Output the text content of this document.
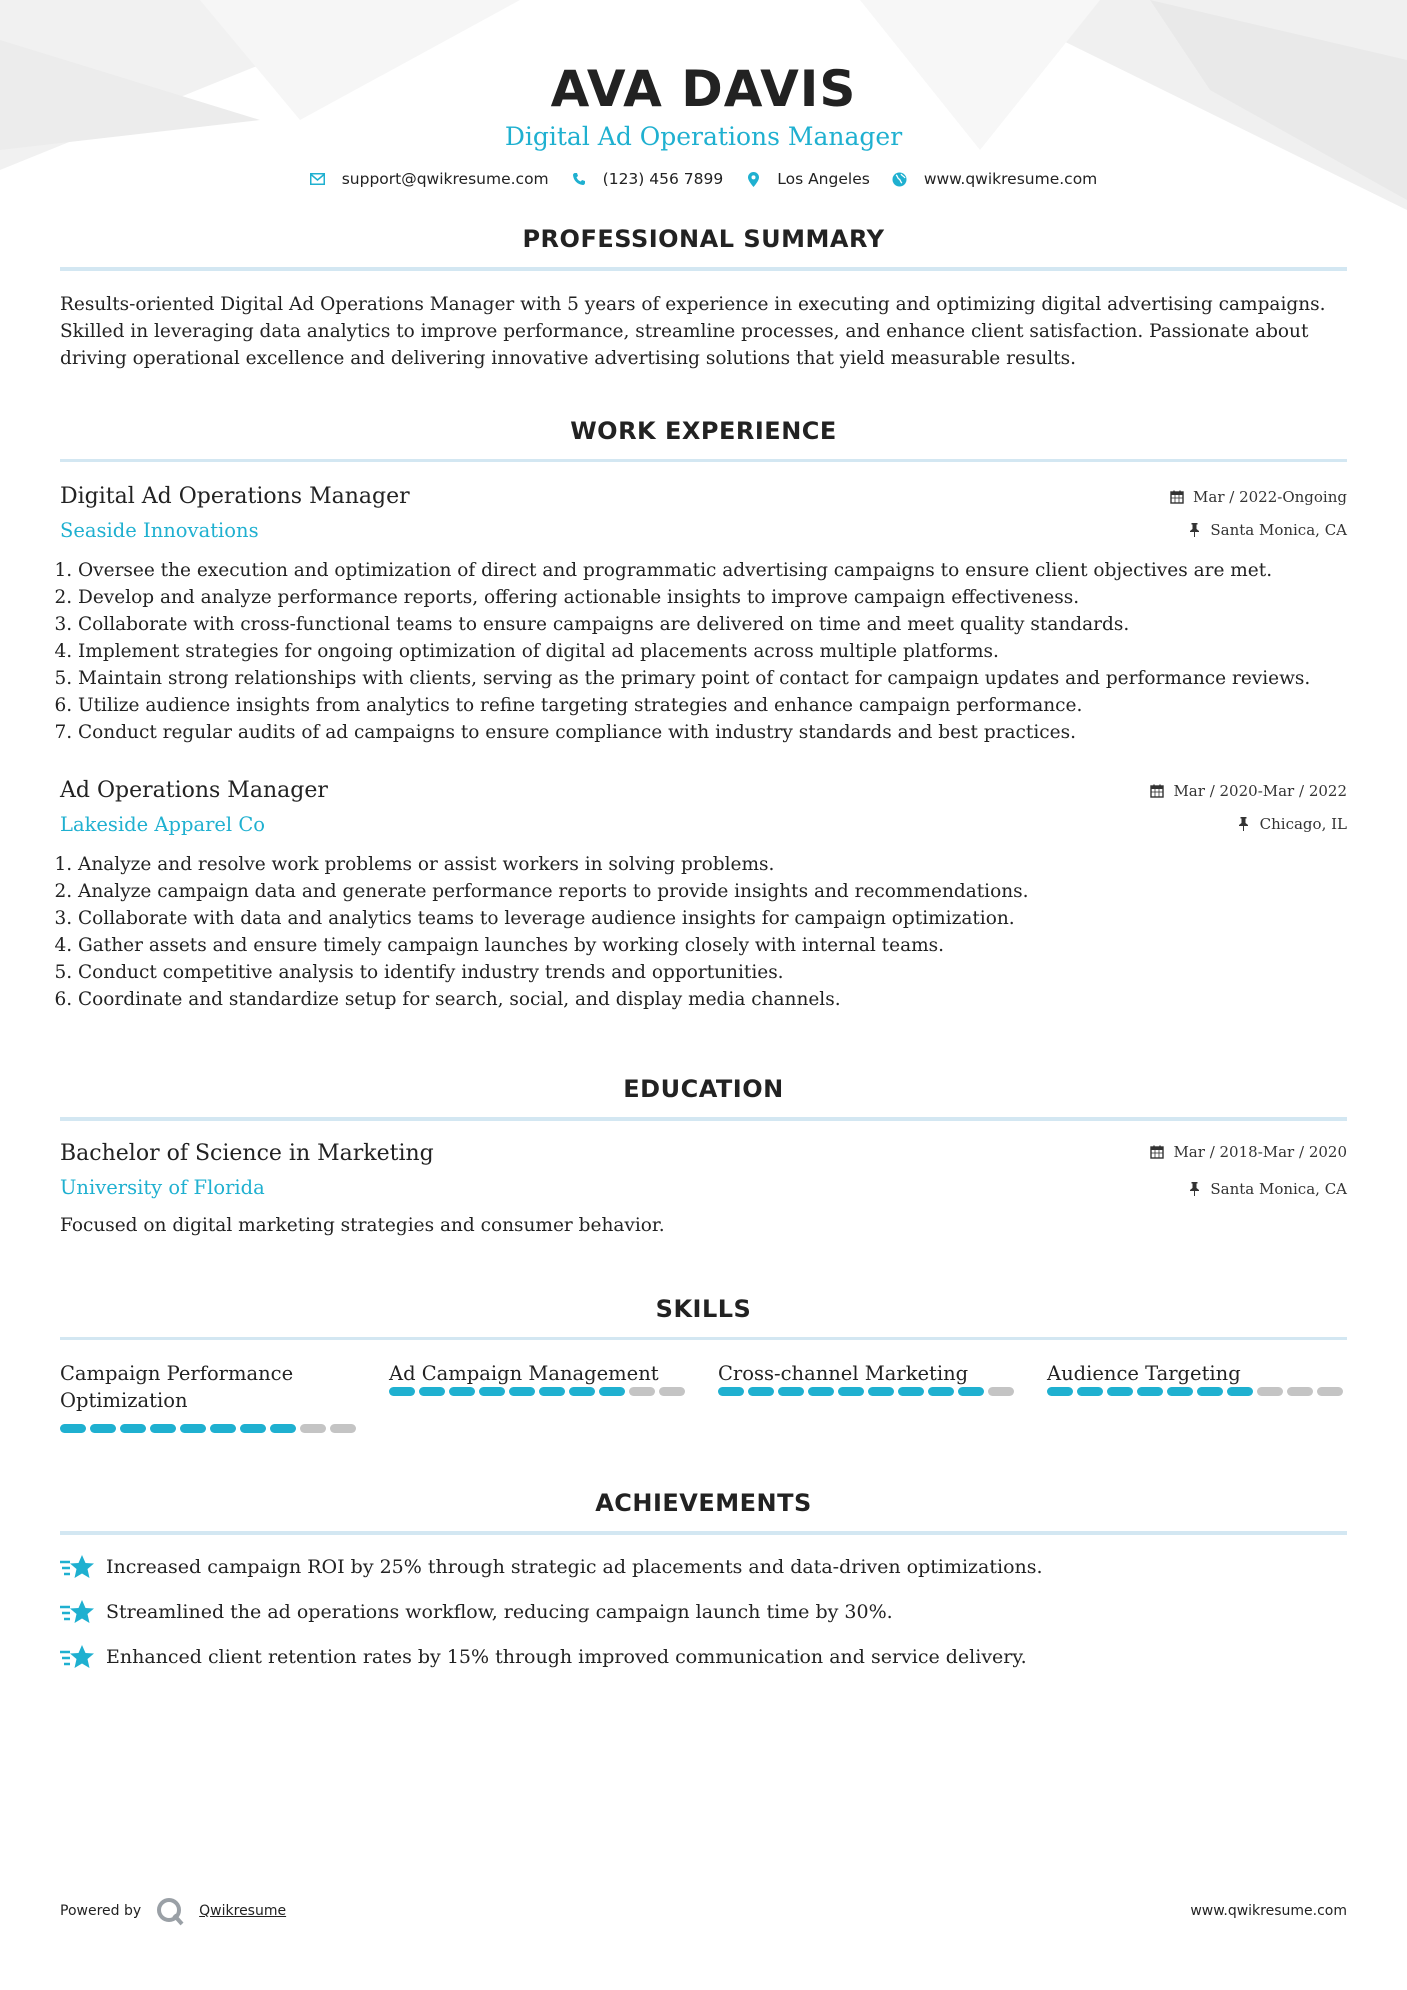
AVA DAVIS
Digital Ad Operations Manager
support@qwikresume.com	(123) 456 7899	Los Angeles	www.qwikresume.com
PROFESSIONAL SUMMARY
Results-oriented Digital Ad Operations Manager with 5 years of experience in executing and optimizing digital advertising campaigns. Skilled in leveraging data analytics to improve performance, streamline processes, and enhance client satisfaction. Passionate about driving operational excellence and delivering innovative advertising solutions that yield measurable results.
WORK EXPERIENCE
Digital Ad Operations Manager
Seaside Innovations
Mar / 2022-Ongoing
Santa Monica, CA
1. Oversee the execution and optimization of direct and programmatic advertising campaigns to ensure client objectives are met.
2. Develop and analyze performance reports, offering actionable insights to improve campaign effectiveness.
3. Collaborate with cross-functional teams to ensure campaigns are delivered on time and meet quality standards.
4. Implement strategies for ongoing optimization of digital ad placements across multiple platforms.
5. Maintain strong relationships with clients, serving as the primary point of contact for campaign updates and performance reviews.
6. Utilize audience insights from analytics to refine targeting strategies and enhance campaign performance.
7. Conduct regular audits of ad campaigns to ensure compliance with industry standards and best practices.
Ad Operations Manager
Lakeside Apparel Co
Mar / 2020-Mar / 2022
Chicago, IL
1. Analyze and resolve work problems or assist workers in solving problems.
2. Analyze campaign data and generate performance reports to provide insights and recommendations.
3. Collaborate with data and analytics teams to leverage audience insights for campaign optimization.
4. Gather assets and ensure timely campaign launches by working closely with internal teams.
5. Conduct competitive analysis to identify industry trends and opportunities.
6. Coordinate and standardize setup for search, social, and display media channels.
EDUCATION
Bachelor of Science in Marketing
University of Florida
Mar / 2018-Mar / 2020
Santa Monica, CA
Focused on digital marketing strategies and consumer behavior.
SKILLS
Campaign Performance Optimization
Ad Campaign Management	Cross-channel Marketing	Audience Targeting
ACHIEVEMENTS
Increased campaign ROI by 25% through strategic ad placements and data-driven optimizations.
Streamlined the ad operations workflow, reducing campaign launch time by 30%.
Enhanced client retention rates by 15% through improved communication and service delivery.
Powered by	Qwikresume	www.qwikresume.com
